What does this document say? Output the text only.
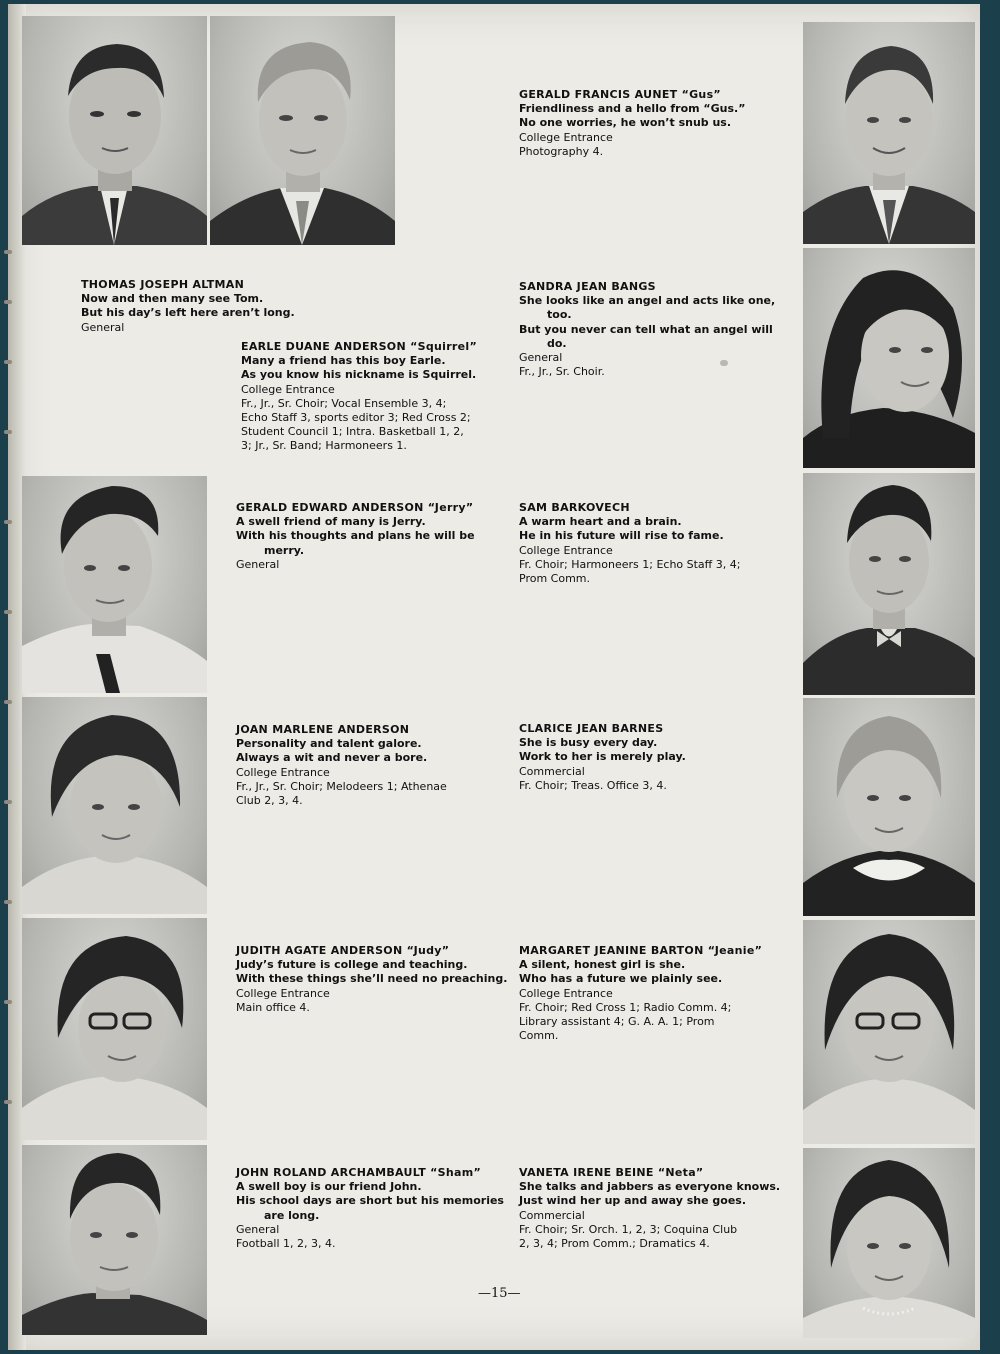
THOMAS JOSEPH ALTMAN
Now and then many see Tom.
But his day’s left here aren’t long.
General
EARLE DUANE ANDERSON “Squirrel”
Many a friend has this boy Earle.
As you know his nickname is Squirrel.
College Entrance
Fr., Jr., Sr. Choir; Vocal Ensemble 3, 4;
Echo Staff 3, sports editor 3; Red Cross 2;
Student Council 1; Intra. Basketball 1, 2,
3; Jr., Sr. Band; Harmoneers 1.
GERALD FRANCIS AUNET “Gus”
Friendliness and a hello from “Gus.”
No one worries, he won’t snub us.
College Entrance
Photography 4.
SANDRA JEAN BANGS
She looks like an angel and acts like one,
too.
But you never can tell what an angel will
do.
General
Fr., Jr., Sr. Choir.
GERALD EDWARD ANDERSON “Jerry”
A swell friend of many is Jerry.
With his thoughts and plans he will be
merry.
General
SAM BARKOVECH
A warm heart and a brain.
He in his future will rise to fame.
College Entrance
Fr. Choir; Harmoneers 1; Echo Staff 3, 4;
Prom Comm.
JOAN MARLENE ANDERSON
Personality and talent galore.
Always a wit and never a bore.
College Entrance
Fr., Jr., Sr. Choir; Melodeers 1; Athenae
Club 2, 3, 4.
CLARICE JEAN BARNES
She is busy every day.
Work to her is merely play.
Commercial
Fr. Choir; Treas. Office 3, 4.
JUDITH AGATE ANDERSON “Judy”
Judy’s future is college and teaching.
With these things she’ll need no preaching.
College Entrance
Main office 4.
MARGARET JEANINE BARTON “Jeanie”
A silent, honest girl is she.
Who has a future we plainly see.
College Entrance
Fr. Choir; Red Cross 1; Radio Comm. 4;
Library assistant 4; G. A. A. 1; Prom
Comm.
JOHN ROLAND ARCHAMBAULT “Sham”
A swell boy is our friend John.
His school days are short but his memories
are long.
General
Football 1, 2, 3, 4.
VANETA IRENE BEINE “Neta”
She talks and jabbers as everyone knows.
Just wind her up and away she goes.
Commercial
Fr. Choir; Sr. Orch. 1, 2, 3; Coquina Club
2, 3, 4; Prom Comm.; Dramatics 4.
—15—
